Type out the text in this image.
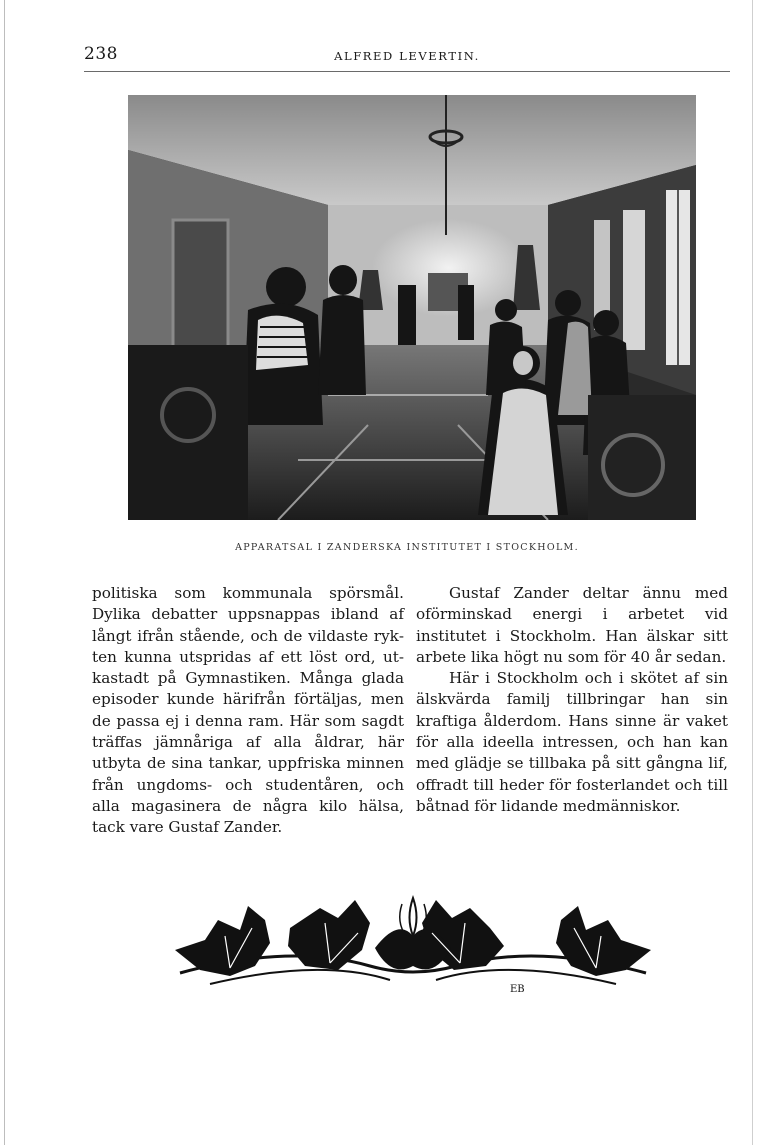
238	ALFRED LEVERTIN.
APPARATSAL I ZANDERSKA INSTITUTET I STOCKHOLM.

politiska som kommunala spörsmål. Dylika debatter uppsnappas ibland af långt ifrån stående, och de vildaste rykten kunna utspridas af ett löst ord, utkastadt på Gymnastiken. Många glada episoder kunde härifrån förtäljas, men de passa ej i denna ram. Här som sagdt träffas jämnåriga af alla åldrar, här utbyta de sina tankar, uppfriska minnen från ungdoms- och studentåren, och alla magasinera de några kilo hälsa, tack vare Gustaf Zander.

Gustaf Zander deltar ännu med oförminskad energi i arbetet vid institutet i Stockholm. Han älskar sitt arbete lika högt nu som för 40 år sedan.

Här i Stockholm och i skötet af sin älskvärda familj tillbringar han sin kraftiga ålderdom. Hans sinne är vaket för alla ideella intressen, och han kan med glädje se tillbaka på sitt gångna lif, offradt till heder för fosterlandet och till båtnad för lidande medmänniskor.

EB
